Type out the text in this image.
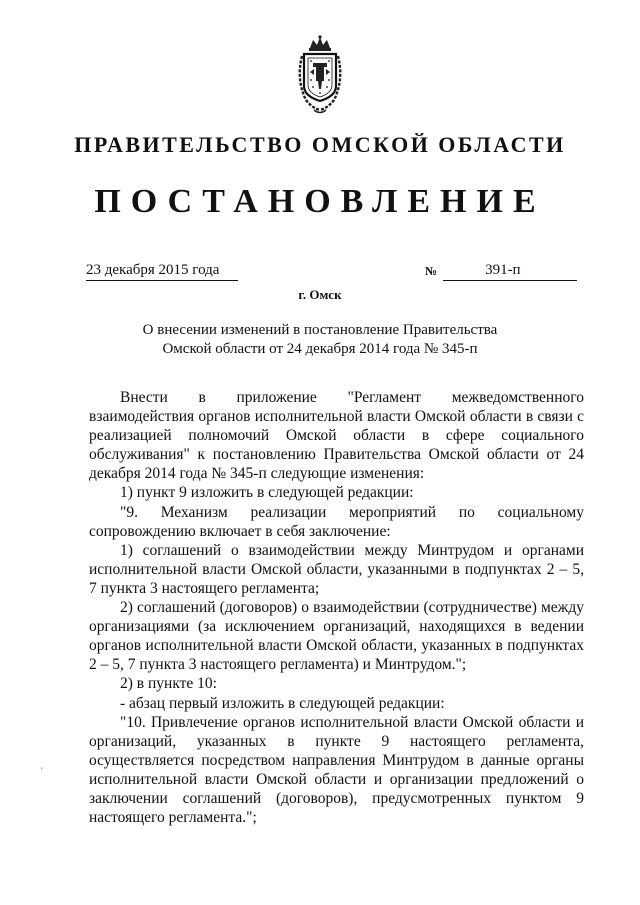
ПРАВИТЕЛЬСТВО ОМСКОЙ ОБЛАСТИ
ПОСТАНОВЛЕНИЕ
23 декабря 2015 года	№	391-п
г. Омск
О внесении изменений в постановление Правительства
Омской области от 24 декабря 2014 года № 345-п

Внести в приложение "Регламент межведомственного взаимодействия органов исполнительной власти Омской области в связи с реализацией полномочий Омской области в сфере социального обслуживания" к постановлению Правительства Омской области от 24 декабря 2014 года № 345-п следующие изменения:

1) пункт 9 изложить в следующей редакции:

"9. Механизм реализации мероприятий по социальному сопровождению включает в себя заключение:

1) соглашений о взаимодействии между Минтрудом и органами исполнительной власти Омской области, указанными в подпунктах 2 – 5, 7 пункта 3 настоящего регламента;

2) соглашений (договоров) о взаимодействии (сотрудничестве) между организациями (за исключением организаций, находящихся в ведении органов исполнительной власти Омской области, указанных в подпунктах 2 – 5, 7 пункта 3 настоящего регламента) и Минтрудом.";

2) в пункте 10:

- абзац первый изложить в следующей редакции:

"10. Привлечение органов исполнительной власти Омской области и организаций, указанных в пункте 9 настоящего регламента, осуществляется посредством направления Минтрудом в данные органы исполнительной власти Омской области и организации предложений о заключении соглашений (договоров), предусмотренных пунктом 9 настоящего регламента.";

'
